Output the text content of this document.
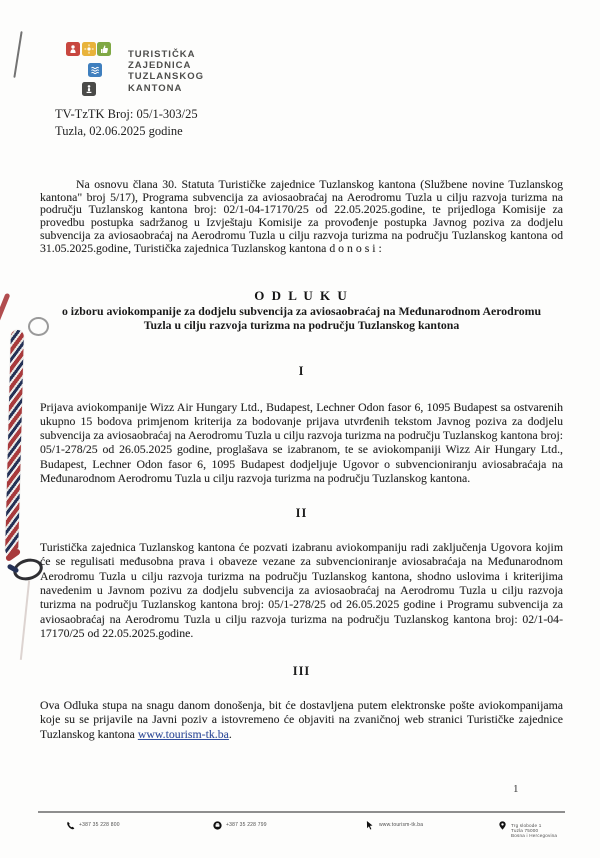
TURISTIČKA
ZAJEDNICA
TUZLANSKOG
KANTONA
TV-TzTK Broj: 05/1-303/25
Tuzla, 02.06.2025 godine

Na osnovu člana 30. Statuta Turističke zajednice Tuzlanskog kantona (Službene novine Tuzlanskog kantona" broj 5/17), Programa subvencija za aviosaobraćaj na Aerodromu Tuzla u cilju razvoja turizma na području Tuzlanskog kantona broj: 02/1-04-17170/25 od 22.05.2025.godine, te prijedloga Komisije za provedbu postupka sadržanog u Izvještaju Komisije za provođenje postupka Javnog poziva za dodjelu subvencija za aviosaobraćaj na Aerodromu Tuzla u cilju razvoja turizma na području Tuzlanskog kantona od 31.05.2025.godine, Turistička zajednica Tuzlanskog kantona d o n o s i :

O D L U K U
o izboru aviokompanije za dodjelu subvencija za aviosaobraćaj na Međunarodnom Aerodromu Tuzla u cilju razvoja turizma na području Tuzlanskog kantona
I

Prijava aviokompanije Wizz Air Hungary Ltd., Budapest, Lechner Odon fasor 6, 1095 Budapest sa ostvarenih ukupno 15 bodova primjenom kriterija za bodovanje prijava utvrđenih tekstom Javnog poziva za dodjelu subvencija za aviosaobraćaj na Aerodromu Tuzla u cilju razvoja turizma na području Tuzlanskog kantona broj: 05/1-278/25 od 26.05.2025 godine, proglašava se izabranom, te se aviokompaniji Wizz Air Hungary Ltd., Budapest, Lechner Odon fasor 6, 1095 Budapest dodjeljuje Ugovor o subvencioniranju aviosabraćaja na Međunarodnom Aerodromu Tuzla u cilju razvoja turizma na području Tuzlanskog kantona.

II

Turistička zajednica Tuzlanskog kantona će pozvati izabranu aviokompaniju radi zaključenja Ugovora kojim će se regulisati međusobna prava i obaveze vezane za subvencioniranje aviosabraćaja na Međunarodnom Aerodromu Tuzla u cilju razvoja turizma na području Tuzlanskog kantona, shodno uslovima i kriterijima navedenim u Javnom pozivu za dodjelu subvencija za aviosaobraćaj na Aerodromu Tuzla u cilju razvoja turizma na području Tuzlanskog kantona broj: 05/1-278/25 od 26.05.2025 godine i Programu subvencija za aviosaobraćaj na Aerodromu Tuzla u cilju razvoja turizma na području Tuzlanskog kantona broj: 02/1-04-17170/25 od 22.05.2025.godine.

III

Ova Odluka stupa na snagu danom donošenja, bit će dostavljena putem elektronske pošte aviokompanijama koje su se prijavile na Javni poziv a istovremeno će objaviti na zvaničnoj web stranici Turističke zajednice Tuzlanskog kantona www.tourism-tk.ba.

1
+387 35 228 800	+387 35 228 799	www.tourism-tk.ba	Trg slobode 1
Tuzla 75000
Bosna i Hercegovina
